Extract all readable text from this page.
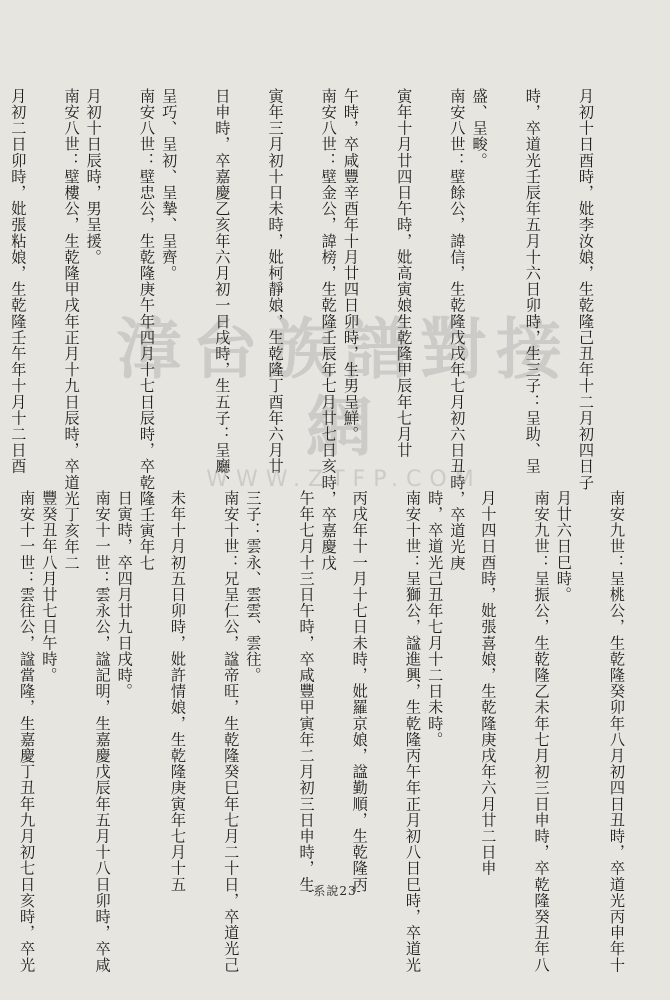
月初十日酉時，妣李汝娘，生乾隆己丑年十二月初四日子
時，卒道光壬辰年五月十六日卯時，生三子：呈助、呈
盛、呈畯。
南安八世：壁餘公，諱信，生乾隆戊戌年七月初六日丑時，卒道光庚
寅年十月廿四日午時，妣高寅娘生乾隆甲辰年七月廿
午時，卒咸豐辛酉年十月廿四日卯時，生男呈鮮。
南安八世：壁金公，諱榜，生乾隆壬辰年七月廿七日亥時，卒嘉慶戊
寅年三月初十日未時，妣柯靜娘，生乾隆丁酉年六月廿
日申時，卒嘉慶乙亥年六月初一日戌時，生五子：呈廳、
呈巧、呈初、呈摯、呈齊。
南安八世：壁忠公，生乾隆庚午年四月十七日辰時，卒乾隆壬寅年七
月初十日辰時，男呈援。
南安八世：壁樓公，生乾隆甲戌年正月十九日辰時，卒道光丁亥年二
月初二日卯時，妣張粘娘，生乾隆壬午年十月十二日酉
南安九世：呈桃公，生乾隆癸卯年八月初四日丑時，卒道光丙申年十
月廿六日巳時。
南安九世：呈振公，生乾隆乙未年七月初三日申時，卒乾隆癸丑年八
月十四日酉時，妣張喜娘，生乾隆庚戌年六月廿二日申
時，卒道光己丑年七月十二日未時。
南安十世：呈獅公，諡進興，生乾隆丙午年正月初八日巳時，卒道光
丙戌年十一月十七日未時，妣羅京娘，諡勤順，生乾隆丙
午年七月十三日午時，卒咸豐甲寅年二月初三日申時，生
三子：雲永、雲雲、雲往。
南安十世：兄呈仁公，諡帝旺，生乾隆癸巳年七月二十日，卒道光己
未年十月初五日卯時，妣許情娘，生乾隆庚寅年七月十五
日寅時，卒四月廿九日戌時。
南安十一世：雲永公，諡記明，生嘉慶戊辰年五月十八日卯時，卒咸
豐癸丑年八月廿七日午時。
南安十一世：雲往公，諡當隆，生嘉慶丁丑年九月初七日亥時，卒光	-系說23-
漳台族譜對接網
WWW.ZTFP.COM
